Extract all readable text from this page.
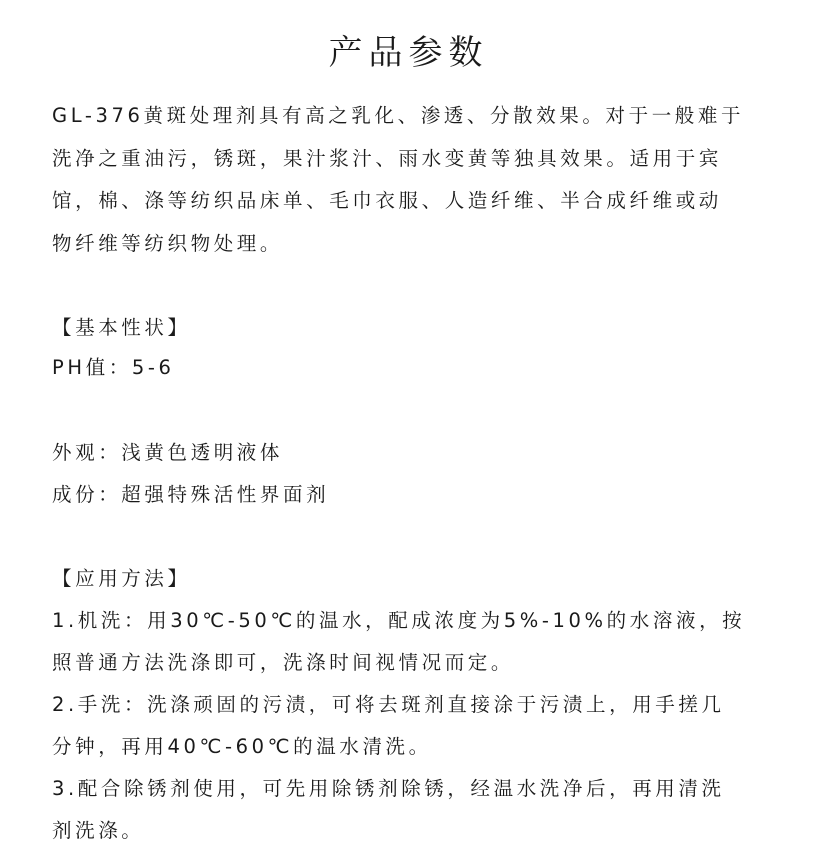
产品参数
GL-376黄斑处理剂具有高之乳化、渗透、分散效果。对于一般难于
洗净之重油污，锈斑，果汁浆汁、雨水变黄等独具效果。适用于宾
馆，棉、涤等纺织品床单、毛巾衣服、人造纤维、半合成纤维或动
物纤维等纺织物处理。
【基本性状】
PH值：5-6
外观：浅黄色透明液体
成份：超强特殊活性界面剂
【应用方法】
1.机洗：用30℃-50℃的温水，配成浓度为5%-10%的水溶液，按
照普通方法洗涤即可，洗涤时间视情况而定。
2.手洗：洗涤顽固的污渍，可将去斑剂直接涂于污渍上，用手搓几
分钟，再用40℃-60℃的温水清洗。
3.配合除锈剂使用，可先用除锈剂除锈，经温水洗净后，再用清洗
剂洗涤。
